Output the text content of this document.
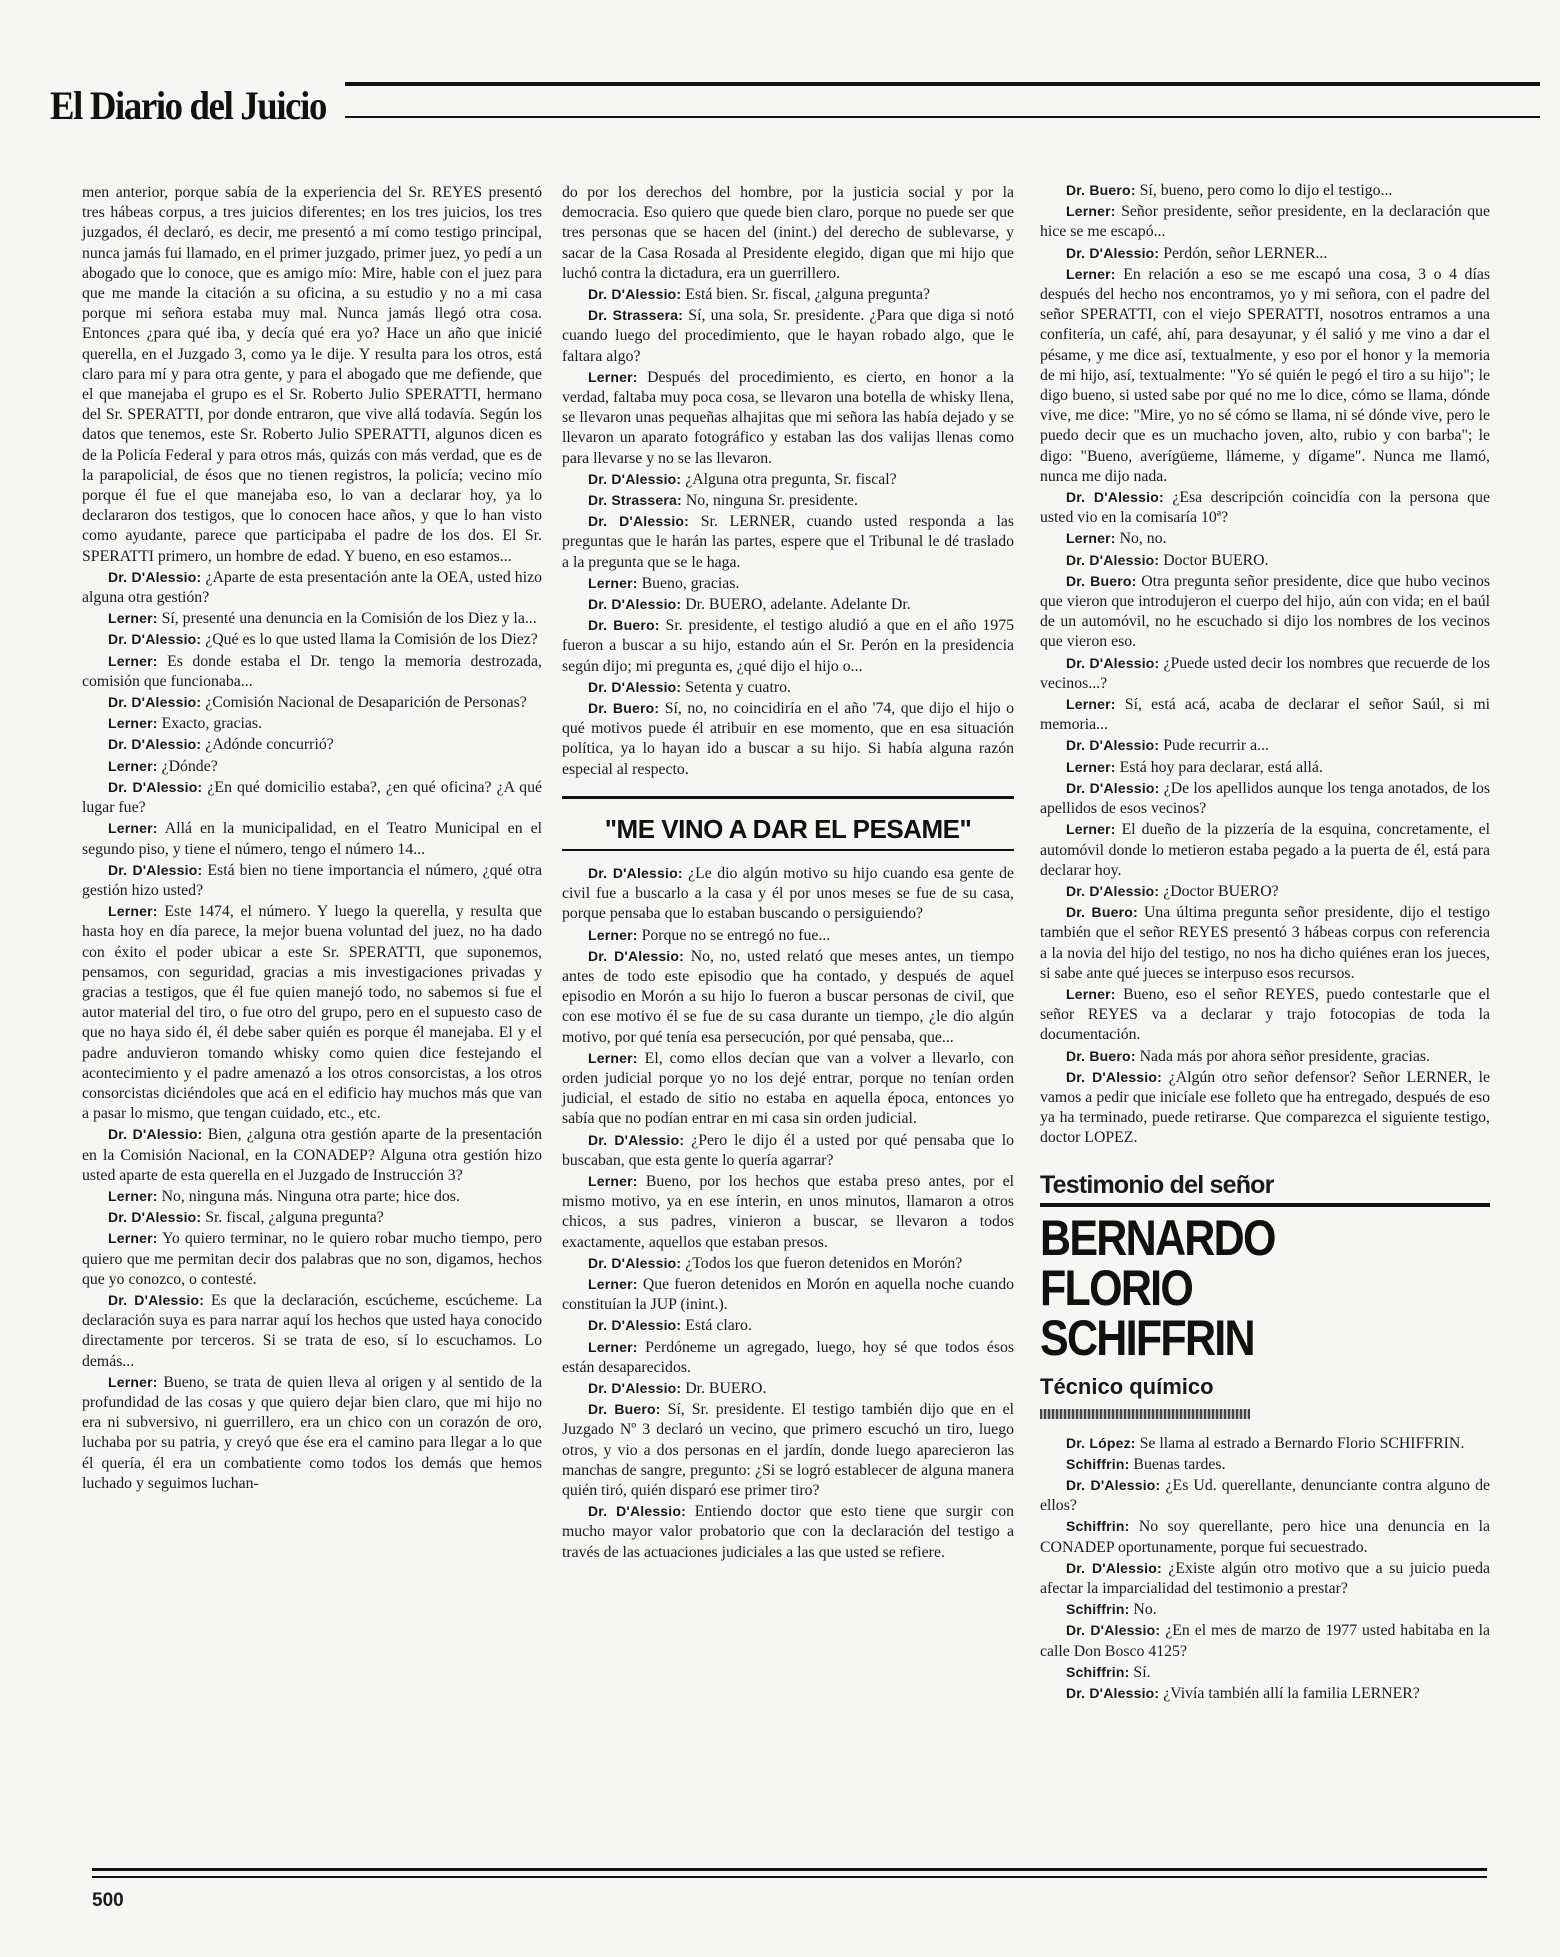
El Diario del Juicio

men anterior, porque sabía de la experiencia del Sr. REYES presentó tres hábeas corpus, a tres juicios diferentes; en los tres juicios, los tres juzgados, él declaró, es decir, me presentó a mí como testigo principal, nunca jamás fui llamado, en el primer juzgado, primer juez, yo pedí a un abogado que lo conoce, que es amigo mío: Mire, hable con el juez para que me mande la citación a su oficina, a su estudio y no a mi casa porque mi señora estaba muy mal. Nunca jamás llegó otra cosa. Entonces ¿para qué iba, y decía qué era yo? Hace un año que inicié querella, en el Juzgado 3, como ya le dije. Y resulta para los otros, está claro para mí y para otra gente, y para el abogado que me defiende, que el que manejaba el grupo es el Sr. Roberto Julio SPERATTI, hermano del Sr. SPERATTI, por donde entraron, que vive allá todavía. Según los datos que tenemos, este Sr. Roberto Julio SPERATTI, algunos dicen es de la Policía Federal y para otros más, quizás con más verdad, que es de la parapolicial, de ésos que no tienen registros, la policía; vecino mío porque él fue el que manejaba eso, lo van a declarar hoy, ya lo declararon dos testigos, que lo conocen hace años, y que lo han visto como ayudante, parece que participaba el padre de los dos. El Sr. SPERATTI primero, un hombre de edad. Y bueno, en eso estamos...

Dr. D'Alessio: ¿Aparte de esta presentación ante la OEA, usted hizo alguna otra gestión?

Lerner: Sí, presenté una denuncia en la Comisión de los Diez y la...

Dr. D'Alessio: ¿Qué es lo que usted llama la Comisión de los Diez?

Lerner: Es donde estaba el Dr. tengo la memoria destrozada, comisión que funcionaba...

Dr. D'Alessio: ¿Comisión Nacional de Desaparición de Personas?

Lerner: Exacto, gracias.

Dr. D'Alessio: ¿Adónde concurrió?

Lerner: ¿Dónde?

Dr. D'Alessio: ¿En qué domicilio estaba?, ¿en qué oficina? ¿A qué lugar fue?

Lerner: Allá en la municipalidad, en el Teatro Municipal en el segundo piso, y tiene el número, tengo el número 14...

Dr. D'Alessio: Está bien no tiene importancia el número, ¿qué otra gestión hizo usted?

Lerner: Este 1474, el número. Y luego la querella, y resulta que hasta hoy en día parece, la mejor buena voluntad del juez, no ha dado con éxito el poder ubicar a este Sr. SPERATTI, que suponemos, pensamos, con seguridad, gracias a mis investigaciones privadas y gracias a testigos, que él fue quien manejó todo, no sabemos si fue el autor material del tiro, o fue otro del grupo, pero en el supuesto caso de que no haya sido él, él debe saber quién es porque él manejaba. El y el padre anduvieron tomando whisky como quien dice festejando el acontecimiento y el padre amenazó a los otros consorcistas, a los otros consorcistas diciéndoles que acá en el edificio hay muchos más que van a pasar lo mismo, que tengan cuidado, etc., etc.

Dr. D'Alessio: Bien, ¿alguna otra gestión aparte de la presentación en la Comisión Nacional, en la CONADEP? Alguna otra gestión hizo usted aparte de esta querella en el Juzgado de Instrucción 3?

Lerner: No, ninguna más. Ninguna otra parte; hice dos.

Dr. D'Alessio: Sr. fiscal, ¿alguna pregunta?

Lerner: Yo quiero terminar, no le quiero robar mucho tiempo, pero quiero que me permitan decir dos palabras que no son, digamos, hechos que yo conozco, o contesté.

Dr. D'Alessio: Es que la declaración, escúcheme, escúcheme. La declaración suya es para narrar aquí los hechos que usted haya conocido directamente por terceros. Si se trata de eso, sí lo escuchamos. Lo demás...

Lerner: Bueno, se trata de quien lleva al origen y al sentido de la profundidad de las cosas y que quiero dejar bien claro, que mi hijo no era ni subversivo, ni guerrillero, era un chico con un corazón de oro, luchaba por su patria, y creyó que ése era el camino para llegar a lo que él quería, él era un combatiente como todos los demás que hemos luchado y seguimos luchan-

do por los derechos del hombre, por la justicia social y por la democracia. Eso quiero que quede bien claro, porque no puede ser que tres personas que se hacen del (inint.) del derecho de sublevarse, y sacar de la Casa Rosada al Presidente elegido, digan que mi hijo que luchó contra la dictadura, era un guerrillero.

Dr. D'Alessio: Está bien. Sr. fiscal, ¿alguna pregunta?

Dr. Strassera: Sí, una sola, Sr. presidente. ¿Para que diga si notó cuando luego del procedimiento, que le hayan robado algo, que le faltara algo?

Lerner: Después del procedimiento, es cierto, en honor a la verdad, faltaba muy poca cosa, se llevaron una botella de whisky llena, se llevaron unas pequeñas alhajitas que mi señora las había dejado y se llevaron un aparato fotográfico y estaban las dos valijas llenas como para llevarse y no se las llevaron.

Dr. D'Alessio: ¿Alguna otra pregunta, Sr. fiscal?

Dr. Strassera: No, ninguna Sr. presidente.

Dr. D'Alessio: Sr. LERNER, cuando usted responda a las preguntas que le harán las partes, espere que el Tribunal le dé traslado a la pregunta que se le haga.

Lerner: Bueno, gracias.

Dr. D'Alessio: Dr. BUERO, adelante. Adelante Dr.

Dr. Buero: Sr. presidente, el testigo aludió a que en el año 1975 fueron a buscar a su hijo, estando aún el Sr. Perón en la presidencia según dijo; mi pregunta es, ¿qué dijo el hijo o...

Dr. D'Alessio: Setenta y cuatro.

Dr. Buero: Sí, no, no coincidiría en el año '74, que dijo el hijo o qué motivos puede él atribuir en ese momento, que en esa situación política, ya lo hayan ido a buscar a su hijo. Si había alguna razón especial al respecto.

"ME VINO A DAR EL PESAME"

Dr. D'Alessio: ¿Le dio algún motivo su hijo cuando esa gente de civil fue a buscarlo a la casa y él por unos meses se fue de su casa, porque pensaba que lo estaban buscando o persiguiendo?

Lerner: Porque no se entregó no fue...

Dr. D'Alessio: No, no, usted relató que meses antes, un tiempo antes de todo este episodio que ha contado, y después de aquel episodio en Morón a su hijo lo fueron a buscar personas de civil, que con ese motivo él se fue de su casa durante un tiempo, ¿le dio algún motivo, por qué tenía esa persecución, por qué pensaba, que...

Lerner: El, como ellos decían que van a volver a llevarlo, con orden judicial porque yo no los dejé entrar, porque no tenían orden judicial, el estado de sitio no estaba en aquella época, entonces yo sabía que no podían entrar en mi casa sin orden judicial.

Dr. D'Alessio: ¿Pero le dijo él a usted por qué pensaba que lo buscaban, que esta gente lo quería agarrar?

Lerner: Bueno, por los hechos que estaba preso antes, por el mismo motivo, ya en ese ínterin, en unos minutos, llamaron a otros chicos, a sus padres, vinieron a buscar, se llevaron a todos exactamente, aquellos que estaban presos.

Dr. D'Alessio: ¿Todos los que fueron detenidos en Morón?

Lerner: Que fueron detenidos en Morón en aquella noche cuando constituían la JUP (inint.).

Dr. D'Alessio: Está claro.

Lerner: Perdóneme un agregado, luego, hoy sé que todos ésos están desaparecidos.

Dr. D'Alessio: Dr. BUERO.

Dr. Buero: Sí, Sr. presidente. El testigo también dijo que en el Juzgado Nº 3 declaró un vecino, que primero escuchó un tiro, luego otros, y vio a dos personas en el jardín, donde luego aparecieron las manchas de sangre, pregunto: ¿Si se logró establecer de alguna manera quién tiró, quién disparó ese primer tiro?

Dr. D'Alessio: Entiendo doctor que esto tiene que surgir con mucho mayor valor probatorio que con la declaración del testigo a través de las actuaciones judiciales a las que usted se refiere.

Dr. Buero: Sí, bueno, pero como lo dijo el testigo...

Lerner: Señor presidente, señor presidente, en la declaración que hice se me escapó...

Dr. D'Alessio: Perdón, señor LERNER...

Lerner: En relación a eso se me escapó una cosa, 3 o 4 días después del hecho nos encontramos, yo y mi señora, con el padre del señor SPERATTI, con el viejo SPERATTI, nosotros entramos a una confitería, un café, ahí, para desayunar, y él salió y me vino a dar el pésame, y me dice así, textualmente, y eso por el honor y la memoria de mi hijo, así, textualmente: "Yo sé quién le pegó el tiro a su hijo"; le digo bueno, si usted sabe por qué no me lo dice, cómo se llama, dónde vive, me dice: "Mire, yo no sé cómo se llama, ni sé dónde vive, pero le puedo decir que es un muchacho joven, alto, rubio y con barba"; le digo: "Bueno, averígüeme, llámeme, y dígame". Nunca me llamó, nunca me dijo nada.

Dr. D'Alessio: ¿Esa descripción coincidía con la persona que usted vio en la comisaría 10ª?

Lerner: No, no.

Dr. D'Alessio: Doctor BUERO.

Dr. Buero: Otra pregunta señor presidente, dice que hubo vecinos que vieron que introdujeron el cuerpo del hijo, aún con vida; en el baúl de un automóvil, no he escuchado si dijo los nombres de los vecinos que vieron eso.

Dr. D'Alessio: ¿Puede usted decir los nombres que recuerde de los vecinos...?

Lerner: Sí, está acá, acaba de declarar el señor Saúl, si mi memoria...

Dr. D'Alessio: Pude recurrir a...

Lerner: Está hoy para declarar, está allá.

Dr. D'Alessio: ¿De los apellidos aunque los tenga anotados, de los apellidos de esos vecinos?

Lerner: El dueño de la pizzería de la esquina, concretamente, el automóvil donde lo metieron estaba pegado a la puerta de él, está para declarar hoy.

Dr. D'Alessio: ¿Doctor BUERO?

Dr. Buero: Una última pregunta señor presidente, dijo el testigo también que el señor REYES presentó 3 hábeas corpus con referencia a la novia del hijo del testigo, no nos ha dicho quiénes eran los jueces, si sabe ante qué jueces se interpuso esos recursos.

Lerner: Bueno, eso el señor REYES, puedo contestarle que el señor REYES va a declarar y trajo fotocopias de toda la documentación.

Dr. Buero: Nada más por ahora señor presidente, gracias.

Dr. D'Alessio: ¿Algún otro señor defensor? Señor LERNER, le vamos a pedir que inicíale ese folleto que ha entregado, después de eso ya ha terminado, puede retirarse. Que comparezca el siguiente testigo, doctor LOPEZ.

Testimonio del señor
BERNARDO FLORIO
SCHIFFRIN
Técnico químico

Dr. López: Se llama al estrado a Bernardo Florio SCHIFFRIN.

Schiffrin: Buenas tardes.

Dr. D'Alessio: ¿Es Ud. querellante, denunciante contra alguno de ellos?

Schiffrin: No soy querellante, pero hice una denuncia en la CONADEP oportunamente, porque fui secuestrado.

Dr. D'Alessio: ¿Existe algún otro motivo que a su juicio pueda afectar la imparcialidad del testimonio a prestar?

Schiffrin: No.

Dr. D'Alessio: ¿En el mes de marzo de 1977 usted habitaba en la calle Don Bosco 4125?

Schiffrin: Sí.

Dr. D'Alessio: ¿Vivía también allí la familia LERNER?

500
